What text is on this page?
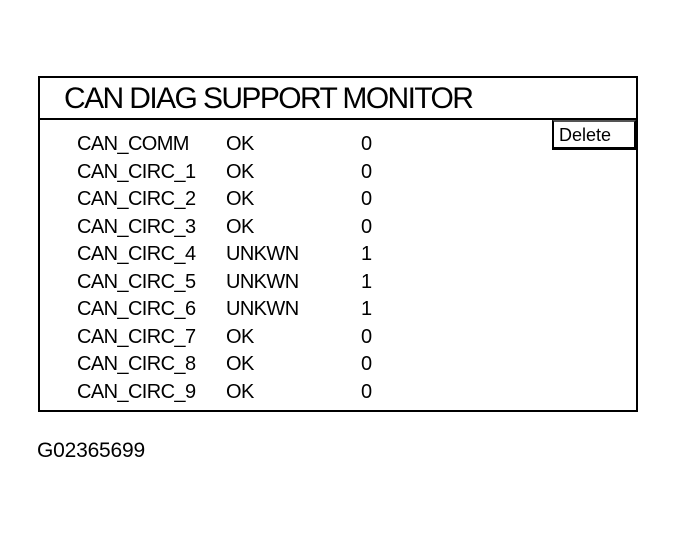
CAN DIAG SUPPORT MONITOR
Delete
CAN_COMM OK	0
CAN_CIRC_1 OK	0
CAN_CIRC_2 OK	0
CAN_CIRC_3 OK	0
CAN_CIRC_4 UNKWN	1
CAN_CIRC_5 UNKWN	1
CAN_CIRC_6 UNKWN	1
CAN_CIRC_7 OK	0
CAN_CIRC_8 OK	0
CAN_CIRC_9 OK	0
G02365699
